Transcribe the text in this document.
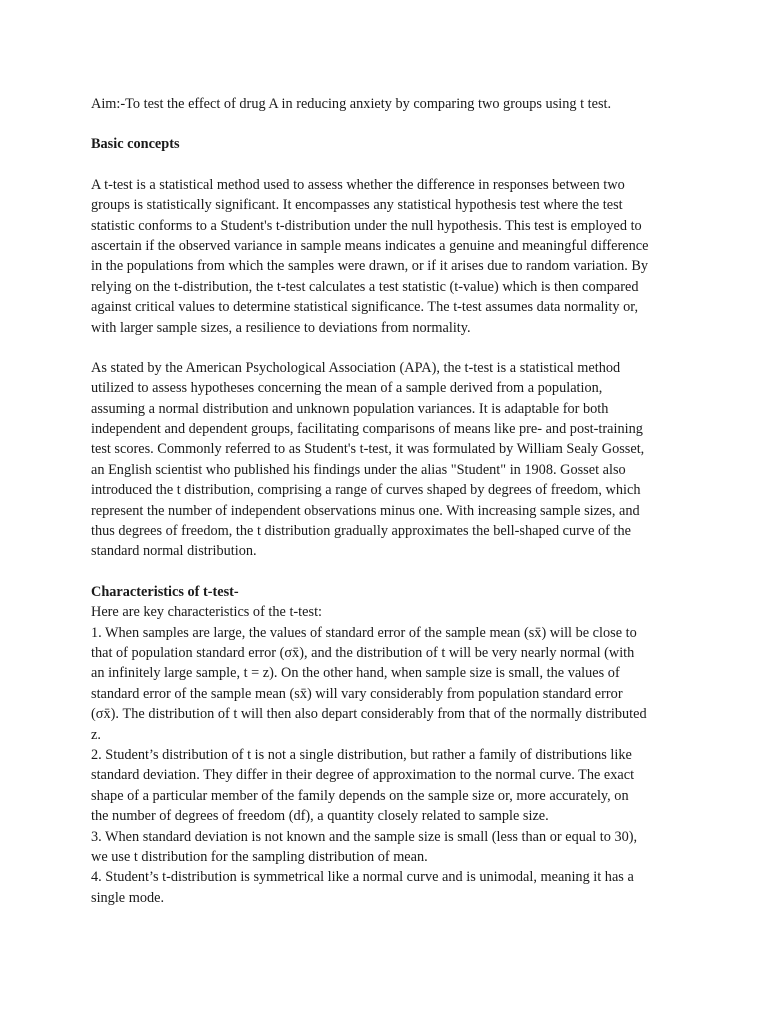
Aim:-To test the effect of drug A in reducing anxiety by comparing two groups using t test.
Basic concepts
A t-test is a statistical method used to assess whether the difference in responses between two
groups is statistically significant. It encompasses any statistical hypothesis test where the test
statistic conforms to a Student's t-distribution under the null hypothesis. This test is employed to
ascertain if the observed variance in sample means indicates a genuine and meaningful difference
in the populations from which the samples were drawn, or if it arises due to random variation. By
relying on the t-distribution, the t-test calculates a test statistic (t-value) which is then compared
against critical values to determine statistical significance. The t-test assumes data normality or,
with larger sample sizes, a resilience to deviations from normality.
As stated by the American Psychological Association (APA), the t-test is a statistical method
utilized to assess hypotheses concerning the mean of a sample derived from a population,
assuming a normal distribution and unknown population variances. It is adaptable for both
independent and dependent groups, facilitating comparisons of means like pre- and post-training
test scores. Commonly referred to as Student's t-test, it was formulated by William Sealy Gosset,
an English scientist who published his findings under the alias "Student" in 1908. Gosset also
introduced the t distribution, comprising a range of curves shaped by degrees of freedom, which
represent the number of independent observations minus one. With increasing sample sizes, and
thus degrees of freedom, the t distribution gradually approximates the bell-shaped curve of the
standard normal distribution.
Characteristics of t-test-
Here are key characteristics of the t-test:
1. When samples are large, the values of standard error of the sample mean (sx̄) will be close to
that of population standard error (σx̄), and the distribution of t will be very nearly normal (with
an infinitely large sample, t = z). On the other hand, when sample size is small, the values of
standard error of the sample mean (sx̄) will vary considerably from population standard error
(σx̄). The distribution of t will then also depart considerably from that of the normally distributed
z.
2. Student’s distribution of t is not a single distribution, but rather a family of distributions like
standard deviation. They differ in their degree of approximation to the normal curve. The exact
shape of a particular member of the family depends on the sample size or, more accurately, on
the number of degrees of freedom (df), a quantity closely related to sample size.
3. When standard deviation is not known and the sample size is small (less than or equal to 30),
we use t distribution for the sampling distribution of mean.
4. Student’s t-distribution is symmetrical like a normal curve and is unimodal, meaning it has a
single mode.
